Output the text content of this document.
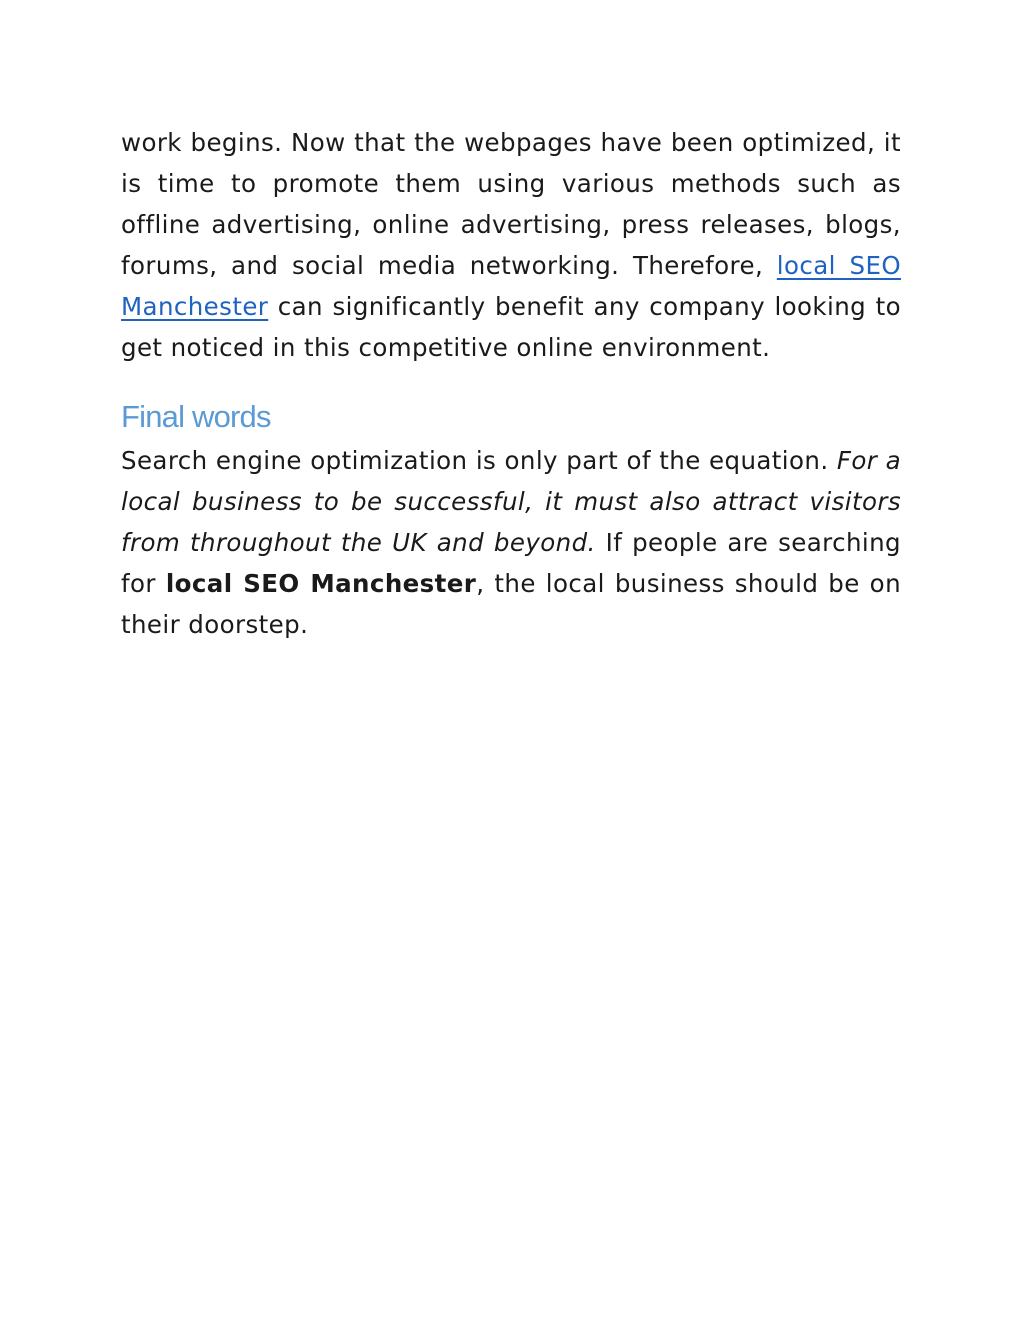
work begins. Now that the webpages have been optimized, it is time to promote them using various methods such as offline advertising, online advertising, press releases, blogs, forums, and social media networking. Therefore, local SEO Manchester can significantly benefit any company looking to get noticed in this competitive online environment.

Final words

Search engine optimization is only part of the equation. For a local business to be successful, it must also attract visitors from throughout the UK and beyond. If people are searching for local SEO Manchester, the local business should be on their doorstep.
